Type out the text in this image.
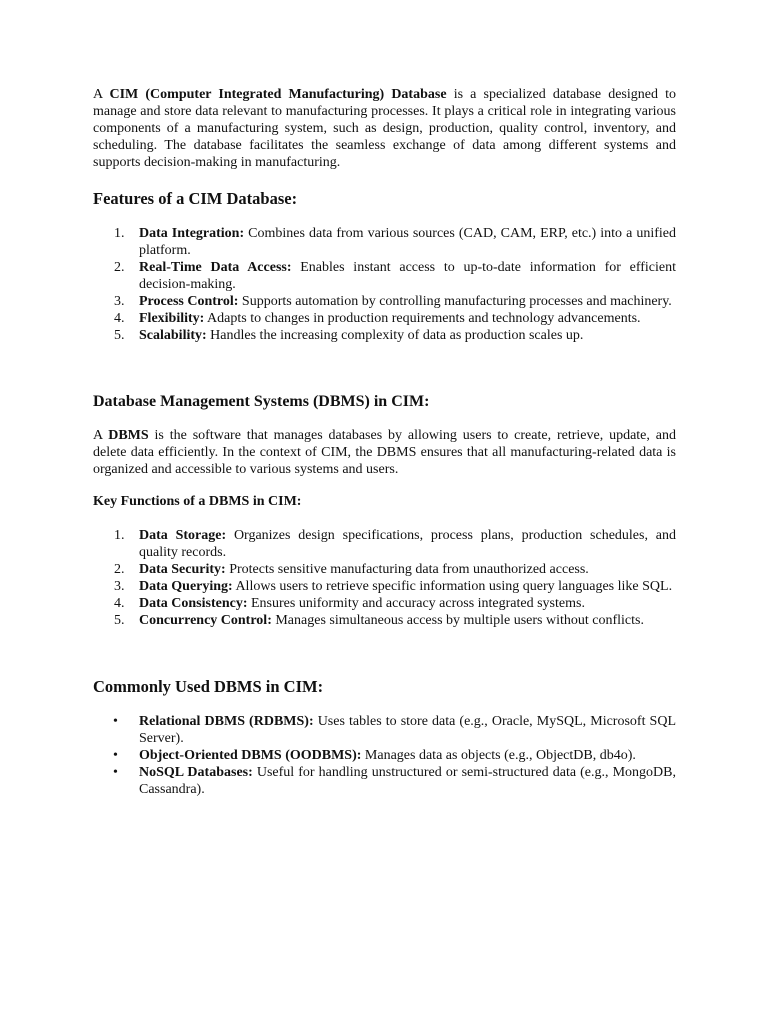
A CIM (Computer Integrated Manufacturing) Database is a specialized database designed to manage and store data relevant to manufacturing processes. It plays a critical role in integrating various components of a manufacturing system, such as design, production, quality control, inventory, and scheduling. The database facilitates the seamless exchange of data among different systems and supports decision-making in manufacturing.

Features of a CIM Database:
1. Data Integration: Combines data from various sources (CAD, CAM, ERP, etc.) into a unified platform.
2. Real-Time Data Access: Enables instant access to up-to-date information for efficient decision-making.
3. Process Control: Supports automation by controlling manufacturing processes and machinery.
4. Flexibility: Adapts to changes in production requirements and technology advancements.
5. Scalability: Handles the increasing complexity of data as production scales up.
Database Management Systems (DBMS) in CIM:

A DBMS is the software that manages databases by allowing users to create, retrieve, update, and delete data efficiently. In the context of CIM, the DBMS ensures that all manufacturing-related data is organized and accessible to various systems and users.

Key Functions of a DBMS in CIM:
1. Data Storage: Organizes design specifications, process plans, production schedules, and quality records.
2. Data Security: Protects sensitive manufacturing data from unauthorized access.
3. Data Querying: Allows users to retrieve specific information using query languages like SQL.
4. Data Consistency: Ensures uniformity and accuracy across integrated systems.
5. Concurrency Control: Manages simultaneous access by multiple users without conflicts.
Commonly Used DBMS in CIM:
• Relational DBMS (RDBMS): Uses tables to store data (e.g., Oracle, MySQL, Microsoft SQL Server).
• Object-Oriented DBMS (OODBMS): Manages data as objects (e.g., ObjectDB, db4o).
• NoSQL Databases: Useful for handling unstructured or semi-structured data (e.g., MongoDB, Cassandra).
